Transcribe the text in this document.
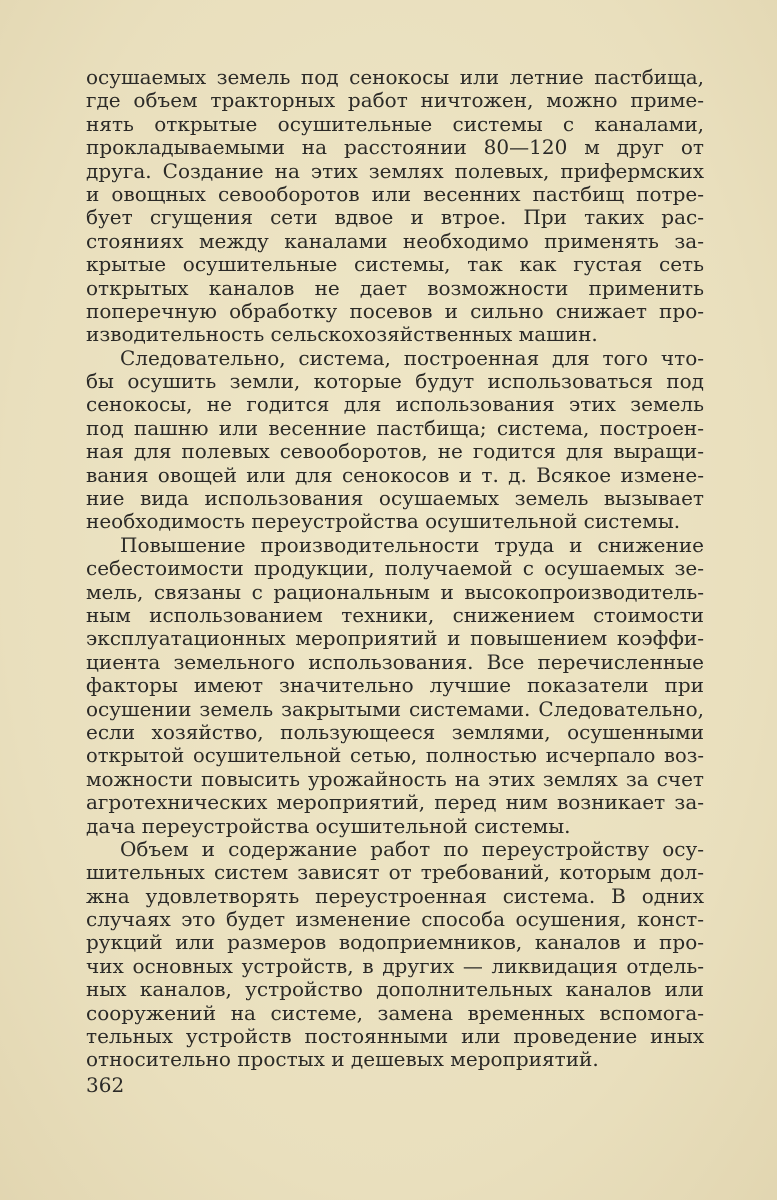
осушаемых земель под сенокосы или летние пастбища,
где объем тракторных работ ничтожен, можно приме-
нять открытые осушительные системы с каналами,
прокладываемыми на расстоянии 80—120 м друг от
друга. Создание на этих землях полевых, прифермских
и овощных севооборотов или весенних пастбищ потре-
бует сгущения сети вдвое и втрое. При таких рас-
стояниях между каналами необходимо применять за-
крытые осушительные системы, так как густая сеть
открытых каналов не дает возможности применить
поперечную обработку посевов и сильно снижает про-
изводительность сельскохозяйственных машин.
Следовательно, система, построенная для того что-
бы осушить земли, которые будут использоваться под
сенокосы, не годится для использования этих земель
под пашню или весенние пастбища; система, построен-
ная для полевых севооборотов, не годится для выращи-
вания овощей или для сенокосов и т. д. Всякое измене-
ние вида использования осушаемых земель вызывает
необходимость переустройства осушительной системы.
Повышение производительности труда и снижение
себестоимости продукции, получаемой с осушаемых зе-
мель, связаны с рациональным и высокопроизводитель-
ным использованием техники, снижением стоимости
эксплуатационных мероприятий и повышением коэффи-
циента земельного использования. Все перечисленные
факторы имеют значительно лучшие показатели при
осушении земель закрытыми системами. Следовательно,
если хозяйство, пользующееся землями, осушенными
открытой осушительной сетью, полностью исчерпало воз-
можности повысить урожайность на этих землях за счет
агротехнических мероприятий, перед ним возникает за-
дача переустройства осушительной системы.
Объем и содержание работ по переустройству осу-
шительных систем зависят от требований, которым дол-
жна удовлетворять переустроенная система. В одних
случаях это будет изменение способа осушения, конст-
рукций или размеров водоприемников, каналов и про-
чих основных устройств, в других — ликвидация отдель-
ных каналов, устройство дополнительных каналов или
сооружений на системе, замена временных вспомога-
тельных устройств постоянными или проведение иных
относительно простых и дешевых мероприятий.
362
